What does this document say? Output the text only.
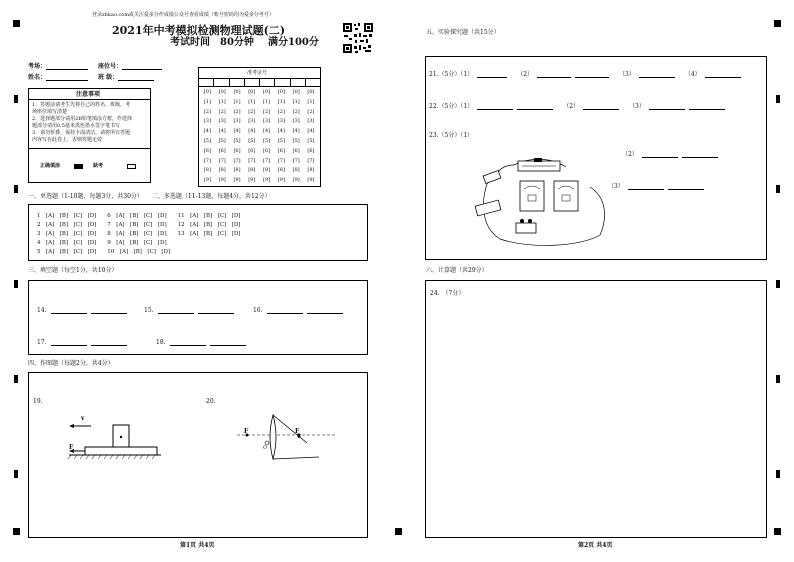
登录zhkao.com或关注爱多分作成绩公众号查看成绩（账号密码均为爱多分考号）
2021年中考模拟检测物理试题(二)
考试时间　80分钟 满分100分
考场：	座位号：
姓名：	班 级：
准考证号
[0]	[0]	[0]	[0]	[0]	[0]	[0]	[0]
[1]	[1]	[1]	[1]	[1]	[1]	[1]	[1]
[2]	[2]	[2]	[2]	[2]	[2]	[2]	[2]
[3]	[3]	[3]	[3]	[3]	[3]	[3]	[3]
[4]	[4]	[4]	[4]	[4]	[4]	[4]	[4]
[5]	[5]	[5]	[5]	[5]	[5]	[5]	[5]
[6]	[6]	[6]	[6]	[6]	[6]	[6]	[6]
[7]	[7]	[7]	[7]	[7]	[7]	[7]	[7]
[8]	[8]	[8]	[8]	[8]	[8]	[8]	[8]
[9]	[9]	[9]	[9]	[9]	[9]	[9]	[9]
注意事项
1．答题前请考生先将自己的姓名、班级、考
场座位填写清楚
2．选择题部分请用2B铅笔填涂方框，作选择
题部分请用0.5毫米黑色墨水签字笔书写
3．请勿折叠，保持卡面清洁，请将所有答题
内容写在此卷上，否则答题无效
正确填涂	缺考
一、单选题（1-10题，每题3分，共30分）　　二、多选题（11-13题，每题4分，共12分）
1　[A]　[B]　[C]　[D]　　6　[A]　[B]　[C]　[D]　　11　[A]　[B]　[C]　[D]
2　[A]　[B]　[C]　[D]　　7　[A]　[B]　[C]　[D]　　12　[A]　[B]　[C]　[D]
3　[A]　[B]　[C]　[D]　　8　[A]　[B]　[C]　[D]　　13　[A]　[B]　[C]　[D]
4　[A]　[B]　[C]　[D]　　9　[A]　[B]　[C]　[D]
5　[A]　[B]　[C]　[D]　　10　[A]　[B]　[C]　[D]
三、填空题（每空1分，共10分）
14.	15.	16.
17.	18.
四、作图题（每题2分，共4分）
19.	20.
v
F
F	F
O
第1页 共4页
五、实验探究题（共15分）
21.（5分）（1）	（2）	（3）	（4）
22.（5分）（1）	（2）	（3）
23.（5分）（1）
（2）
（3）
六、计算题（共29分）
24.　（7分）
第2页 共4页
